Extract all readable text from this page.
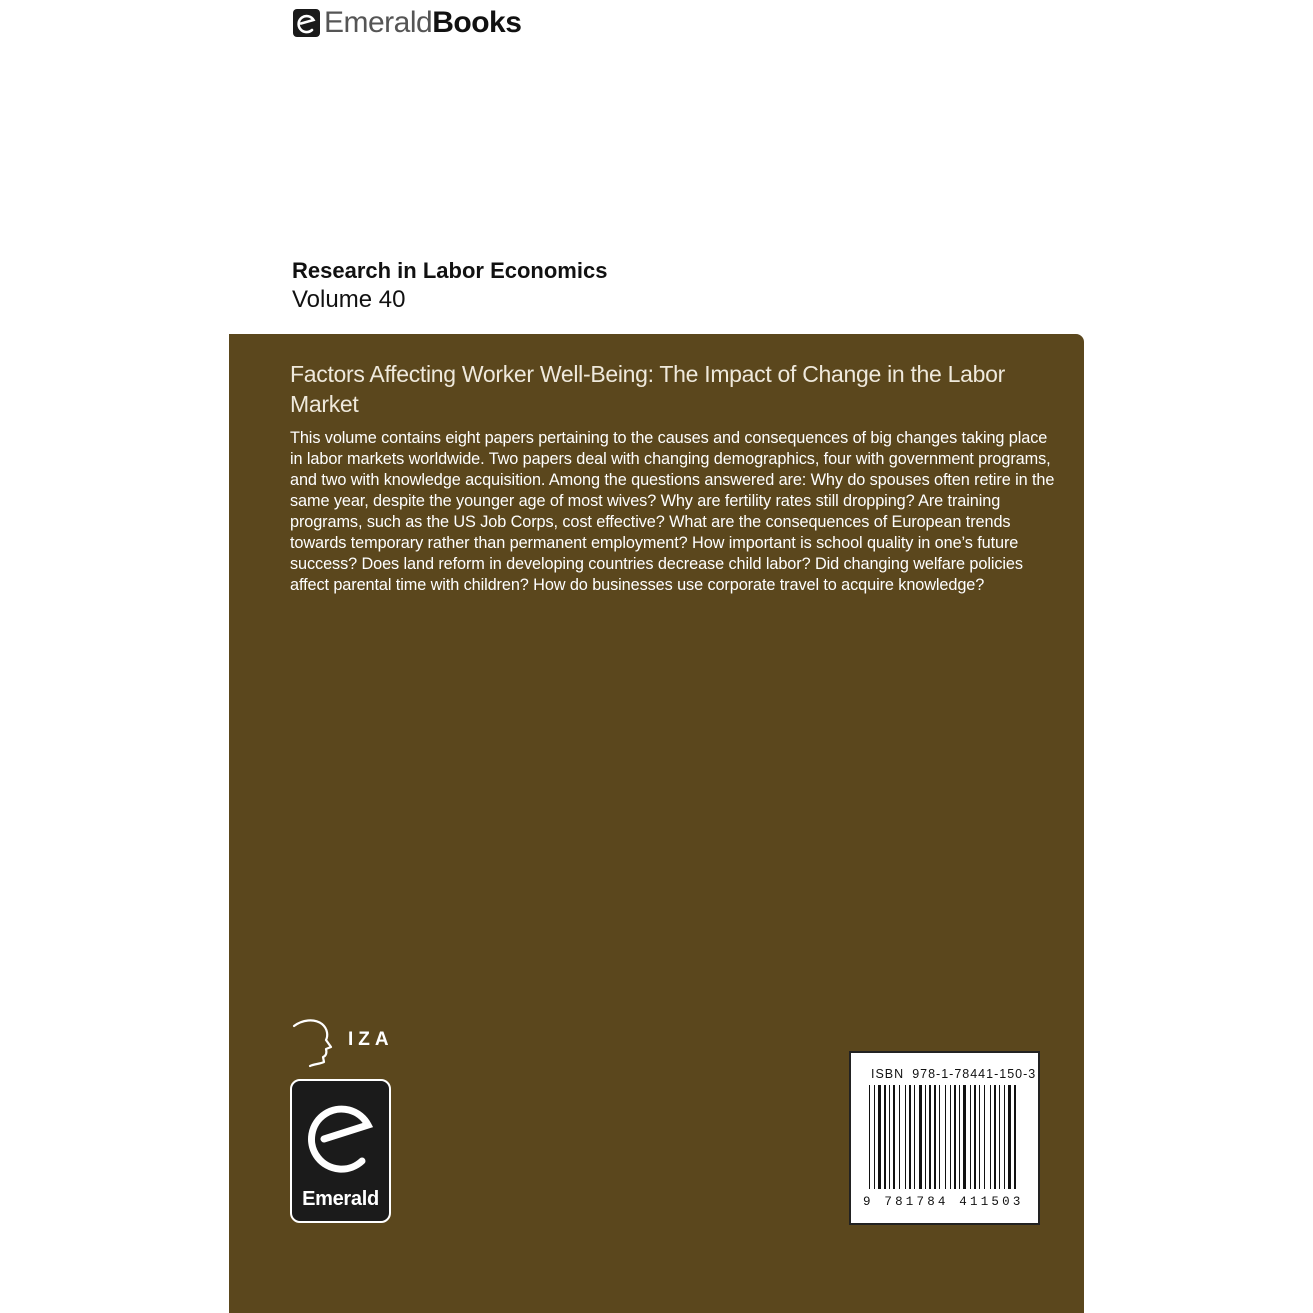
EmeraldBooks
Research in Labor Economics
Volume 40
Factors Affecting Worker Well-Being: The Impact of Change in the Labor Market

This volume contains eight papers pertaining to the causes and consequences of big changes taking place in labor markets worldwide. Two papers deal with changing demographics, four with government programs, and two with knowledge acquisition. Among the questions answered are: Why do spouses often retire in the same year, despite the younger age of most wives? Why are fertility rates still dropping? Are training programs, such as the US Job Corps, cost effective? What are the consequences of European trends towards temporary rather than permanent employment? How important is school quality in one’s future success? Does land reform in developing countries decrease child labor? Did changing welfare policies affect parental time with children? How do businesses use corporate travel to acquire knowledge?

IZA
Emerald
ISBN 978-1-78441-150-3
9 781784 411503
